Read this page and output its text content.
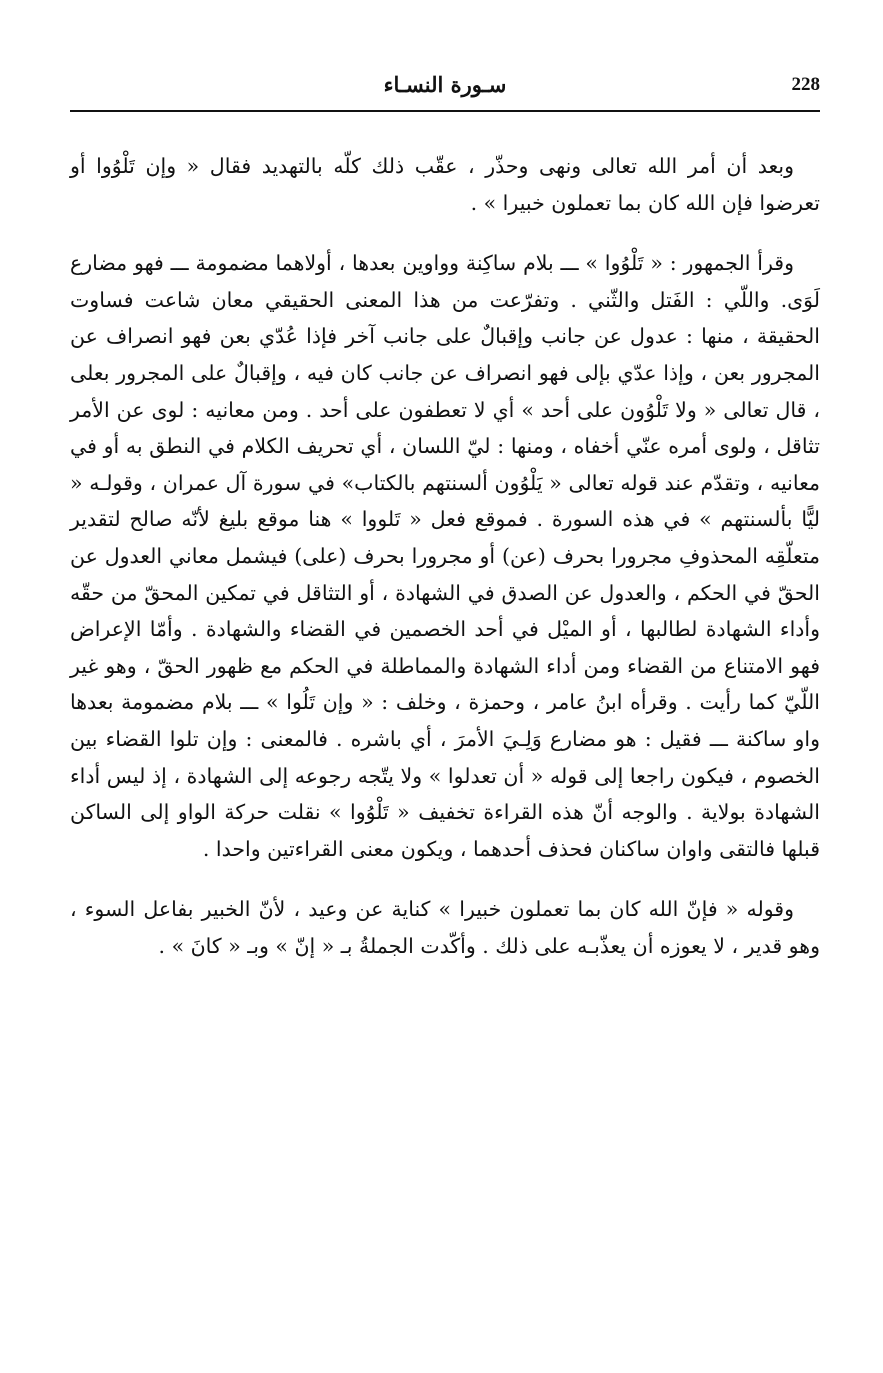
228
سـورة النسـاء

وبعد أن أمر الله تعالى ونهى وحذّر ، عقّب ذلك كلّه بالتهديد فقال « وإن تَلْوُوا أو تعرضوا فإن الله كان بما تعملون خبيرا » .

وقرأ الجمهور : « تَلْوُوا » ـــ بلام ساكِنة وواوين بعدها ، أولاهما مضمومة ـــ فهو مضارع لَوَى. واللّي : الفَتل والثّني . وتفرّعت من هذا المعنى الحقيقي معان شاعت فساوت الحقيقة ، منها : عدول عن جانب وإقبالٌ على جانب آخر فإذا عُدّي بعن فهو انصراف عن المجرور بعن ، وإذا عدّي بإلى فهو انصراف عن جانب كان فيه ، وإقبالٌ على المجرور بعلى ، قال تعالى « ولا تَلْوُون على أحد » أي لا تعطفون على أحد . ومن معانيه : لوى عن الأمر تثاقل ، ولوى أمره عنّي أخفاه ، ومنها : ليّ اللسان ، أي تحريف الكلام في النطق به أو في معانيه ، وتقدّم عند قوله تعالى « يَلْوُون ألسنتهم بالكتاب» في سورة آل عمران ، وقولـه « ليًّا بألسنتهم » في هذه السورة . فموقع فعل « تَلووا » هنا موقع بليغ لأنّه صالح لتقدير متعلّقِه المحذوفِ مجرورا بحرف (عن) أو مجرورا بحرف (على) فيشمل معاني العدول عن الحقّ في الحكم ، والعدول عن الصدق في الشهادة ، أو التثاقل في تمكين المحقّ من حقّه وأداء الشهادة لطالبها ، أو الميْل في أحد الخصمين في القضاء والشهادة . وأمّا الإعراض فهو الامتناع من القضاء ومن أداء الشهادة والمماطلة في الحكم مع ظهور الحقّ ، وهو غير اللّيّ كما رأيت . وقرأه ابنُ عامر ، وحمزة ، وخلف : « وإن تَلُوا » ـــ بلام مضمومة بعدها واو ساكنة ـــ فقيل : هو مضارع وَلِـيَ الأمرَ ، أي باشره . فالمعنى : وإن تلوا القضاء بين الخصوم ، فيكون راجعا إلى قوله « أن تعدلوا » ولا يتّجه رجوعه إلى الشهادة ، إذ ليس أداء الشهادة بولاية . والوجه أنّ هذه القراءة تخفيف « تَلْوُوا » نقلت حركة الواو إلى الساكن قبلها فالتقى واوان ساكنان فحذف أحدهما ، ويكون معنى القراءتين واحدا .

وقوله « فإنّ الله كان بما تعملون خبيرا » كناية عن وعيد ، لأنّ الخبير بفاعل السوء ، وهو قدير ، لا يعوزه أن يعذّبـه على ذلك . وأكّدت الجملةُ بـ « إنّ » وبـ « كانَ » .
